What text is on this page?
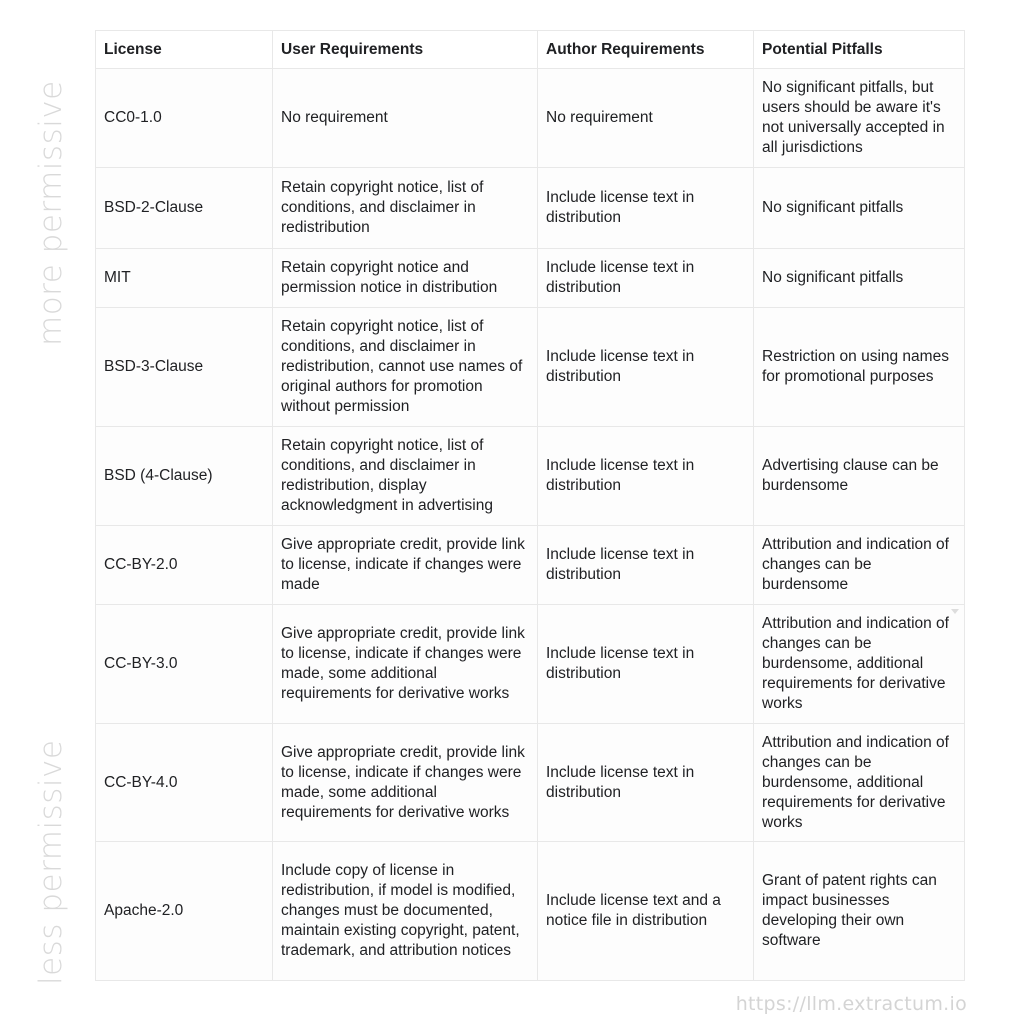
more permissive
less permissive
License	User Requirements	Author Requirements	Potential Pitfalls
CC0-1.0	No requirement	No requirement	No significant pitfalls, but users should be aware it's not universally accepted in all jurisdictions
BSD-2-Clause	Retain copyright notice, list of conditions, and disclaimer in redistribution	Include license text in distribution	No significant pitfalls
MIT	Retain copyright notice and permission notice in distribution	Include license text in distribution	No significant pitfalls
BSD-3-Clause	Retain copyright notice, list of conditions, and disclaimer in redistribution, cannot use names of original authors for promotion without permission	Include license text in distribution	Restriction on using names for promotional purposes
BSD (4-Clause)	Retain copyright notice, list of conditions, and disclaimer in redistribution, display acknowledgment in advertising	Include license text in distribution	Advertising clause can be burdensome
CC-BY-2.0	Give appropriate credit, provide link to license, indicate if changes were made	Include license text in distribution	Attribution and indication of changes can be burdensome
CC-BY-3.0	Give appropriate credit, provide link to license, indicate if changes were made, some additional requirements for derivative works	Include license text in distribution	Attribution and indication of changes can be burdensome, additional requirements for derivative works
CC-BY-4.0	Give appropriate credit, provide link to license, indicate if changes were made, some additional requirements for derivative works	Include license text in distribution	Attribution and indication of changes can be burdensome, additional requirements for derivative works
Apache-2.0	Include copy of license in redistribution, if model is modified, changes must be documented, maintain existing copyright, patent, trademark, and attribution notices	Include license text and a notice file in distribution	Grant of patent rights can impact businesses developing their own software
https://llm.extractum.io
